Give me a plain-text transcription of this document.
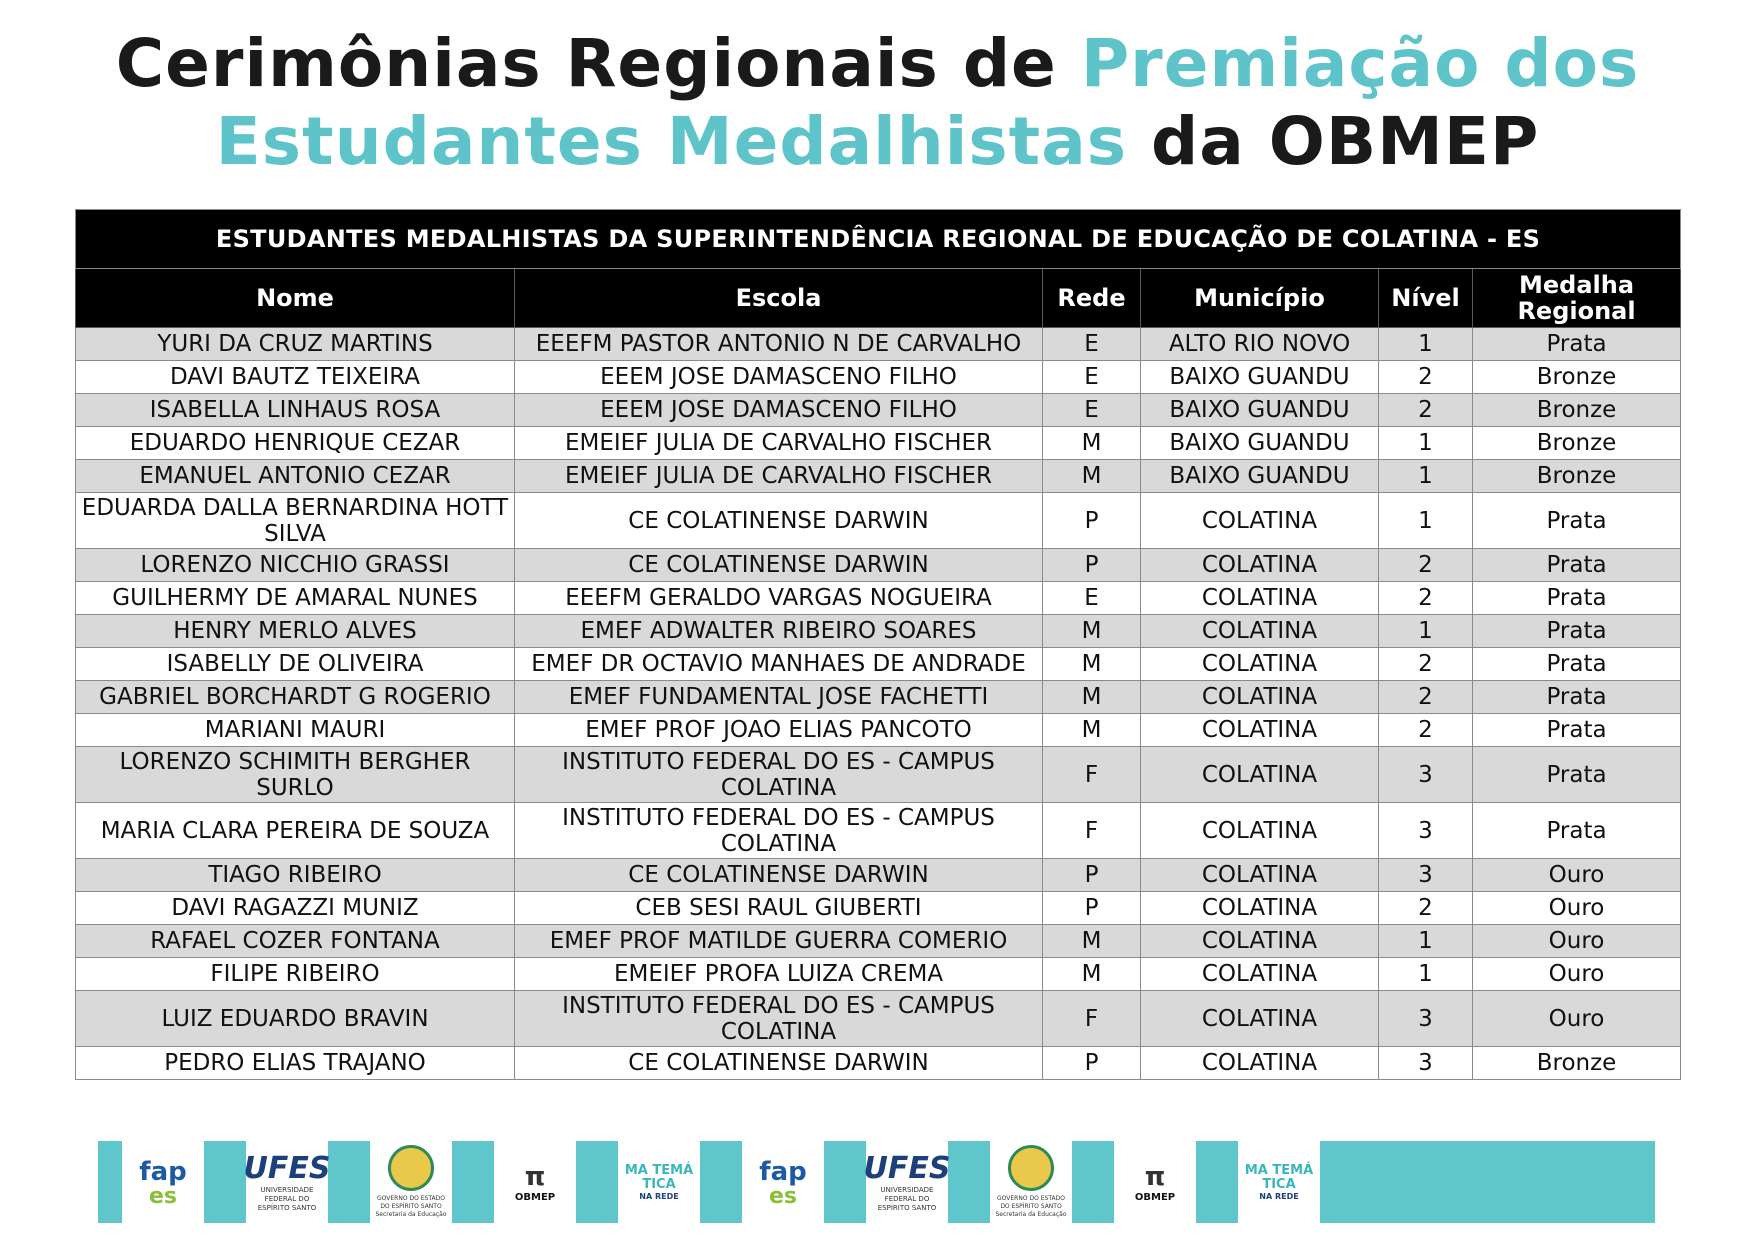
Cerimônias Regionais de Premiação dos
Estudantes Medalhistas da OBMEP
ESTUDANTES MEDALHISTAS DA SUPERINTENDÊNCIA REGIONAL DE EDUCAÇÃO DE COLATINA - ES					
Nome	Escola	Rede	Município	Nível	Medalha Regional
YURI DA CRUZ MARTINS	EEEFM PASTOR ANTONIO N DE CARVALHO	E	ALTO RIO NOVO	1	Prata
DAVI BAUTZ TEIXEIRA	EEEM JOSE DAMASCENO FILHO	E	BAIXO GUANDU	2	Bronze
ISABELLA LINHAUS ROSA	EEEM JOSE DAMASCENO FILHO	E	BAIXO GUANDU	2	Bronze
EDUARDO HENRIQUE CEZAR	EMEIEF JULIA DE CARVALHO FISCHER	M	BAIXO GUANDU	1	Bronze
EMANUEL ANTONIO CEZAR	EMEIEF JULIA DE CARVALHO FISCHER	M	BAIXO GUANDU	1	Bronze
EDUARDA DALLA BERNARDINA HOTT SILVA	CE COLATINENSE DARWIN	P	COLATINA	1	Prata
LORENZO NICCHIO GRASSI	CE COLATINENSE DARWIN	P	COLATINA	2	Prata
GUILHERMY DE AMARAL NUNES	EEEFM GERALDO VARGAS NOGUEIRA	E	COLATINA	2	Prata
HENRY MERLO ALVES	EMEF ADWALTER RIBEIRO SOARES	M	COLATINA	1	Prata
ISABELLY DE OLIVEIRA	EMEF DR OCTAVIO MANHAES DE ANDRADE	M	COLATINA	2	Prata
GABRIEL BORCHARDT G ROGERIO	EMEF FUNDAMENTAL JOSE FACHETTI	M	COLATINA	2	Prata
MARIANI MAURI	EMEF PROF JOAO ELIAS PANCOTO	M	COLATINA	2	Prata
LORENZO SCHIMITH BERGHER SURLO	INSTITUTO FEDERAL DO ES - CAMPUS COLATINA	F	COLATINA	3	Prata
MARIA CLARA PEREIRA DE SOUZA	INSTITUTO FEDERAL DO ES - CAMPUS COLATINA	F	COLATINA	3	Prata
TIAGO RIBEIRO	CE COLATINENSE DARWIN	P	COLATINA	3	Ouro
DAVI RAGAZZI MUNIZ	CEB SESI RAUL GIUBERTI	P	COLATINA	2	Ouro
RAFAEL COZER FONTANA	EMEF PROF MATILDE GUERRA COMERIO	M	COLATINA	1	Ouro
FILIPE RIBEIRO	EMEIEF PROFA LUIZA CREMA	M	COLATINA	1	Ouro
LUIZ EDUARDO BRAVIN	INSTITUTO FEDERAL DO ES - CAMPUS COLATINA	F	COLATINA	3	Ouro
PEDRO ELIAS TRAJANO	CE COLATINENSE DARWIN	P	COLATINA	3	Bronze
fap
es
UFES
UNIVERSIDADE FEDERAL DO ESPÍRITO SANTO
GOVERNO DO ESTADO DO ESPÍRITO SANTO Secretaria da Educação
π
OBMEP
MA TEMÁ TICA
NA REDE
fap
es
UFES
UNIVERSIDADE FEDERAL DO ESPÍRITO SANTO
GOVERNO DO ESTADO DO ESPÍRITO SANTO Secretaria da Educação
π
OBMEP
MA TEMÁ TICA
NA REDE
